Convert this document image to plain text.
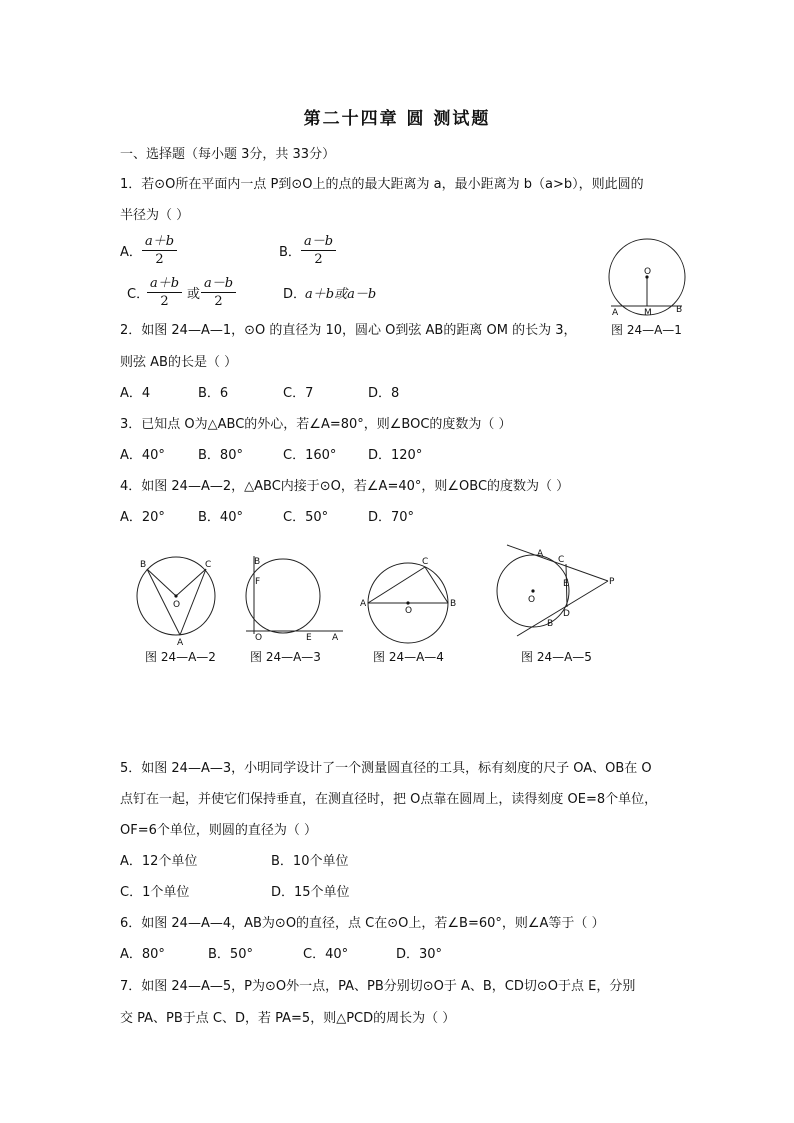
第二十四章 圆 测试题
一、选择题（每小题 3分，共 33分）
1．若⊙O所在平面内一点 P到⊙O上的点的最大距离为 a，最小距离为 b（a>b），则此圆的
半径为（ ）
A． $\frac{a+b}{2}$	B． $\frac{a-b}{2}$
C．
$\frac{a+b}{2}$ 或 $\frac{a-b}{2}$	D．
a＋b或a－b
O
A	M	B
图 24—A—1
2．如图 24—A—1，⊙O 的直径为 10，圆心 O到弦 AB的距离 OM 的长为 3，
则弦 AB的长是（ ）
A．4	B．6	C．7	D．8
3．已知点 O为△ABC的外心，若∠A=80°，则∠BOC的度数为（ ）
A．40°	B．80°	C．160° D．120°
4．如图 24—A—2，△ABC内接于⊙O，若∠A=40°，则∠OBC的度数为（ ）
A．20°	B．40°	C．50°	D．70°
B	C
O
A
图 24—A—2
B
F
O	E A
图 24—A—3
C
A
O
B
图 24—A—4
A
C
E	P
O
D
B
图 24—A—5
5．如图 24—A—3，小明同学设计了一个测量圆直径的工具，标有刻度的尺子 OA、OB在 O
点钉在一起，并使它们保持垂直，在测直径时，把 O点靠在圆周上，读得刻度 OE=8个单位，
OF=6个单位，则圆的直径为（ ）
A．12个单位	B．10个单位
C．1个单位	D．15个单位
6．如图 24—A—4，AB为⊙O的直径，点 C在⊙O上，若∠B=60°，则∠A等于（ ）
A．80°	B．50°	C．40°	D．30°
7．如图 24—A—5，P为⊙O外一点，PA、PB分别切⊙O于 A、B，CD切⊙O于点 E，分别
交 PA、PB于点 C、D，若 PA=5，则△PCD的周长为（ ）
